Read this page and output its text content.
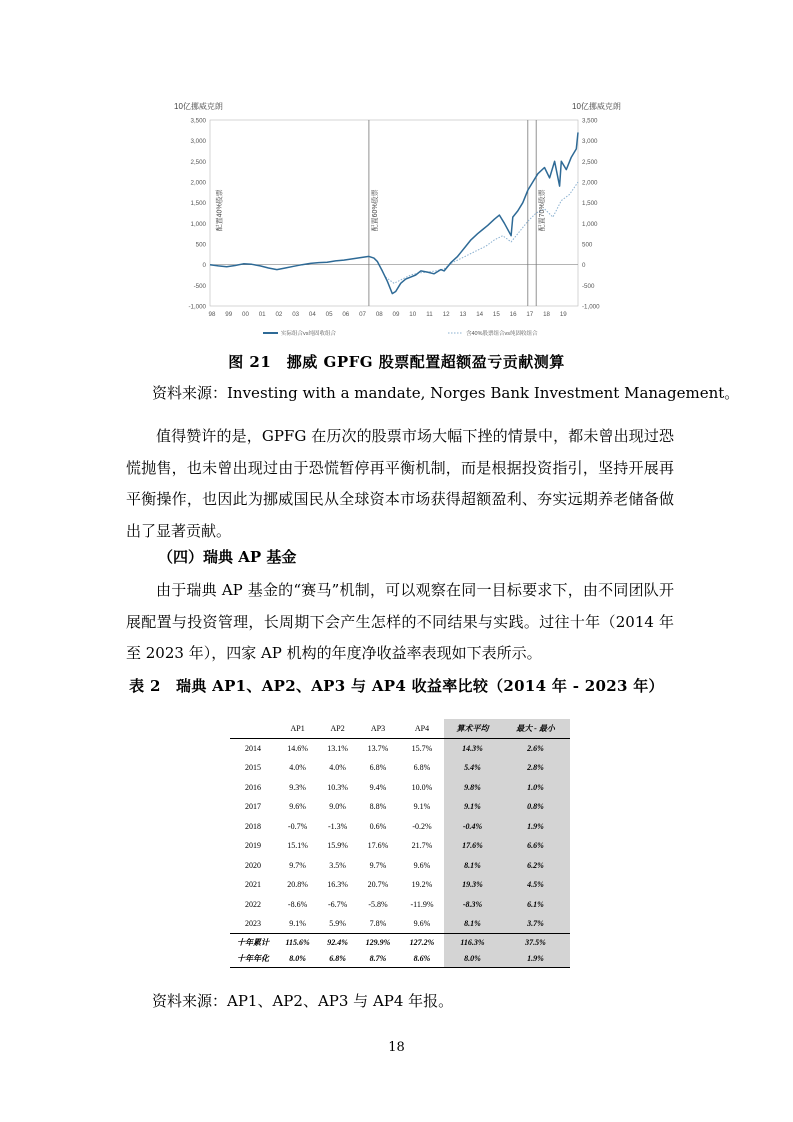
3,500	3,500
3,000	3,000
2,500	2,500
2,000	2,000
1,500	1,500
1,000	1,000
500	500
0	0
-500	-500
-1,000	-1,000
98 99 00 01 02 03 04 05 06 07 08 09 10 11 12 13 14 15 16 17 18 19
配置40%股票	配置60%股票	配置70%股票
10亿挪威克朗	10亿挪威克朗
实际组合vs纯固收组合	含40%股票组合vs纯固收组合
图 21　挪威 GPFG 股票配置超额盈亏贡献测算
资料来源：Investing with a mandate, Norges Bank Investment Management。

值得赞许的是，GPFG 在历次的股票市场大幅下挫的情景中，都未曾出现过恐慌抛售，也未曾出现过由于恐慌暂停再平衡机制，而是根据投资指引，坚持开展再平衡操作，也因此为挪威国民从全球资本市场获得超额盈利、夯实远期养老储备做出了显著贡献。

（四）瑞典 AP 基金

由于瑞典 AP 基金的“赛马”机制，可以观察在同一目标要求下，由不同团队开展配置与投资管理，长周期下会产生怎样的不同结果与实践。过往十年（2014 年至 2023 年），四家 AP 机构的年度净收益率表现如下表所示。

表 2　瑞典 AP1、AP2、AP3 与 AP4 收益率比较（2014 年 - 2023 年）
	AP1	AP2	AP3	AP4	算术平均	最大 - 最小
2014	14.6%	13.1%	13.7%	15.7%	14.3%	2.6%
2015	4.0%	4.0%	6.8%	6.8%	5.4%	2.8%
2016	9.3%	10.3%	9.4%	10.0%	9.8%	1.0%
2017	9.6%	9.0%	8.8%	9.1%	9.1%	0.8%
2018	-0.7%	-1.3%	0.6%	-0.2%	-0.4%	1.9%
2019	15.1%	15.9%	17.6%	21.7%	17.6%	6.6%
2020	9.7%	3.5%	9.7%	9.6%	8.1%	6.2%
2021	20.8%	16.3%	20.7%	19.2%	19.3%	4.5%
2022	-8.6%	-6.7%	-5.8%	-11.9%	-8.3%	6.1%
2023	9.1%	5.9%	7.8%	9.6%	8.1%	3.7%
十年累计	115.6%	92.4%	129.9%	127.2%	116.3%	37.5%
十年年化	8.0%	6.8%	8.7%	8.6%	8.0%	1.9%
资料来源：AP1、AP2、AP3 与 AP4 年报。
18
